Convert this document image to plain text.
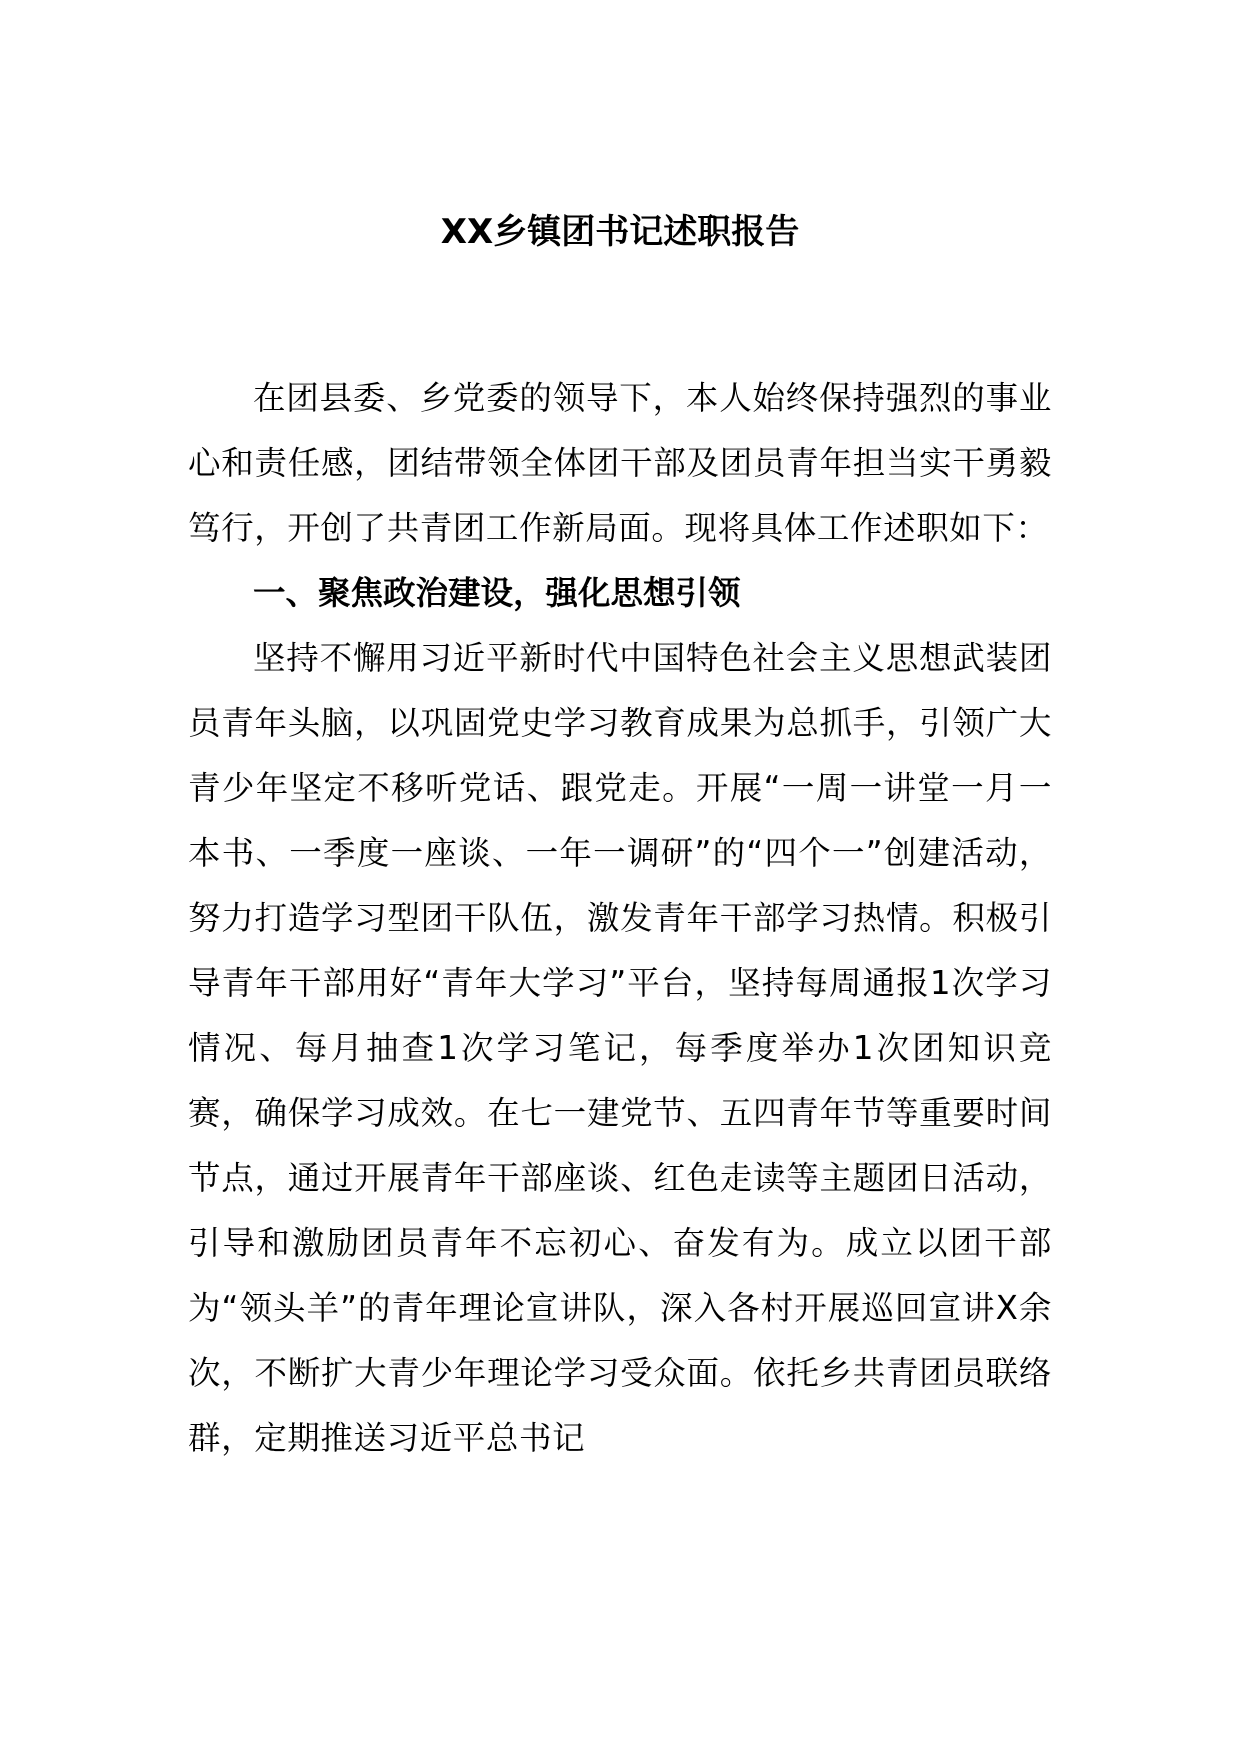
XX乡镇团书记述职报告

在团县委、乡党委的领导下，本人始终保持强烈的事业心和责任感，团结带领全体团干部及团员青年担当实干勇毅笃行，开创了共青团工作新局面。现将具体工作述职如下：

一、聚焦政治建设，强化思想引领

坚持不懈用习近平新时代中国特色社会主义思想武装团员青年头脑，以巩固党史学习教育成果为总抓手，引领广大青少年坚定不移听党话、跟党走。开展“一周一讲堂一月一本书、一季度一座谈、一年一调研”的“四个一”创建活动，努力打造学习型团干队伍，激发青年干部学习热情。积极引导青年干部用好“青年大学习”平台，坚持每周通报1次学习情况、每月抽查1次学习笔记，每季度举办1次团知识竞赛，确保学习成效。在七一建党节、五四青年节等重要时间节点，通过开展青年干部座谈、红色走读等主题团日活动，引导和激励团员青年不忘初心、奋发有为。成立以团干部为“领头羊”的青年理论宣讲队，深入各村开展巡回宣讲X余次，不断扩大青少年理论学习受众面。依托乡共青团员联络群，定期推送习近平总书记
